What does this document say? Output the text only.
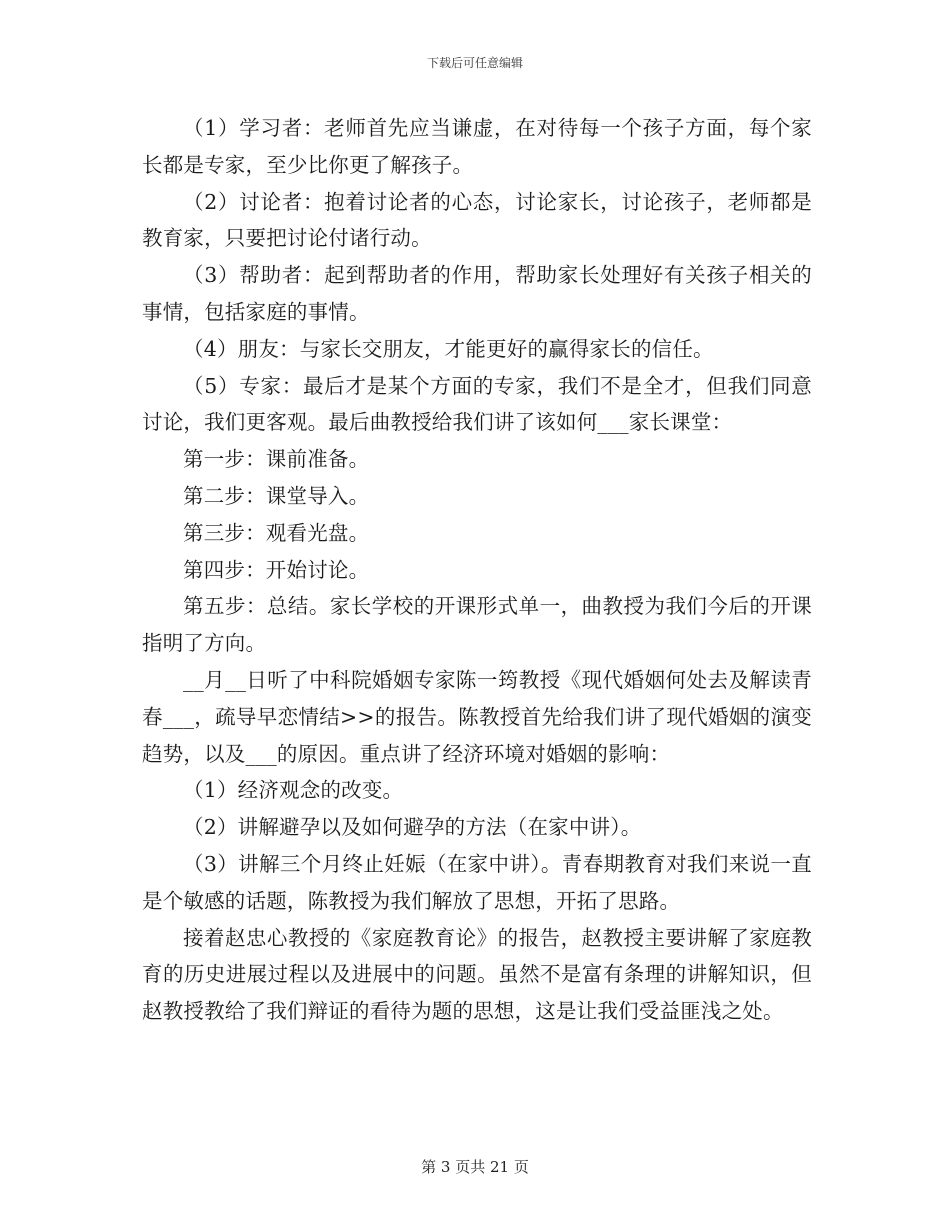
下载后可任意编辑

（1）学习者：老师首先应当谦虚，在对待每一个孩子方面，每个家长都是专家，至少比你更了解孩子。

（2）讨论者：抱着讨论者的心态，讨论家长，讨论孩子，老师都是教育家，只要把讨论付诸行动。

（3）帮助者：起到帮助者的作用，帮助家长处理好有关孩子相关的事情，包括家庭的事情。

（4）朋友：与家长交朋友，才能更好的赢得家长的信任。

（5）专家：最后才是某个方面的专家，我们不是全才，但我们同意讨论，我们更客观。最后曲教授给我们讲了该如何___家长课堂：

第一步：课前准备。

第二步：课堂导入。

第三步：观看光盘。

第四步：开始讨论。

第五步：总结。家长学校的开课形式单一，曲教授为我们今后的开课指明了方向。

__月__日听了中科院婚姻专家陈一筠教授《现代婚姻何处去及解读青春___，疏导早恋情结>>的报告。陈教授首先给我们讲了现代婚姻的演变趋势，以及___的原因。重点讲了经济环境对婚姻的影响：

（1）经济观念的改变。

（2）讲解避孕以及如何避孕的方法（在家中讲）。

（3）讲解三个月终止妊娠（在家中讲）。青春期教育对我们来说一直是个敏感的话题，陈教授为我们解放了思想，开拓了思路。

接着赵忠心教授的《家庭教育论》的报告，赵教授主要讲解了家庭教育的历史进展过程以及进展中的问题。虽然不是富有条理的讲解知识，但赵教授教给了我们辩证的看待为题的思想，这是让我们受益匪浅之处。

第 3 页共 21 页
